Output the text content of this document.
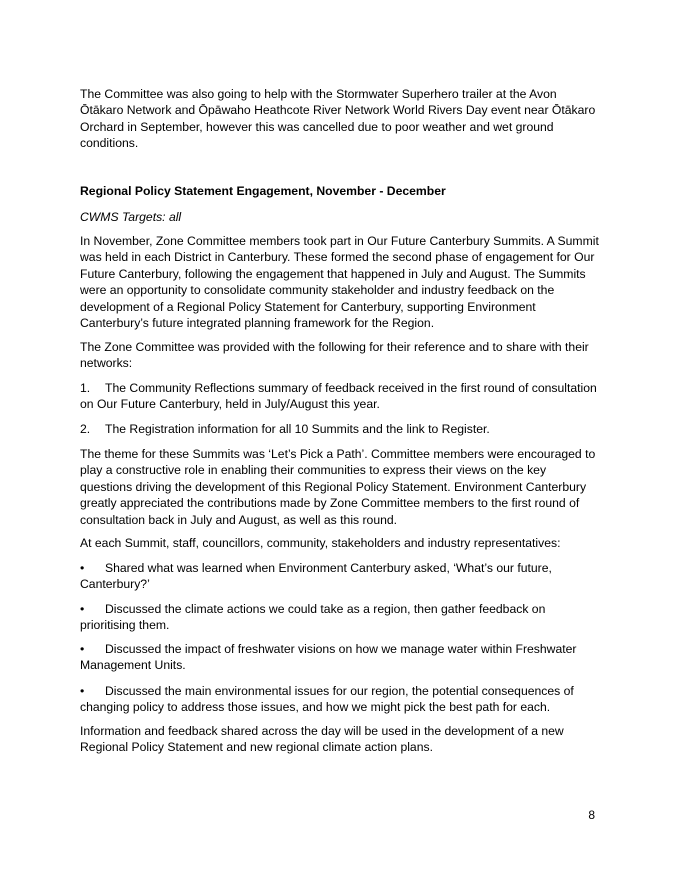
The Committee was also going to help with the Stormwater Superhero trailer at the Avon Ōtākaro Network and Ōpāwaho Heathcote River Network World Rivers Day event near Ōtākaro Orchard in September, however this was cancelled due to poor weather and wet ground conditions.

Regional Policy Statement Engagement, November - December

CWMS Targets: all

In November, Zone Committee members took part in Our Future Canterbury Summits. A Summit was held in each District in Canterbury. These formed the second phase of engagement for Our Future Canterbury, following the engagement that happened in July and August. The Summits were an opportunity to consolidate community stakeholder and industry feedback on the development of a Regional Policy Statement for Canterbury, supporting Environment Canterbury’s future integrated planning framework for the Region.

The Zone Committee was provided with the following for their reference and to share with their networks:

1. The Community Reflections summary of feedback received in the first round of consultation on Our Future Canterbury, held in July/August this year.

2. The Registration information for all 10 Summits and the link to Register.

The theme for these Summits was ‘Let’s Pick a Path’. Committee members were encouraged to play a constructive role in enabling their communities to express their views on the key questions driving the development of this Regional Policy Statement. Environment Canterbury greatly appreciated the contributions made by Zone Committee members to the first round of consultation back in July and August, as well as this round.

At each Summit, staff, councillors, community, stakeholders and industry representatives:

• Shared what was learned when Environment Canterbury asked, ‘What’s our future, Canterbury?’

• Discussed the climate actions we could take as a region, then gather feedback on prioritising them.

• Discussed the impact of freshwater visions on how we manage water within Freshwater Management Units.

• Discussed the main environmental issues for our region, the potential consequences of changing policy to address those issues, and how we might pick the best path for each.

Information and feedback shared across the day will be used in the development of a new Regional Policy Statement and new regional climate action plans.

8
